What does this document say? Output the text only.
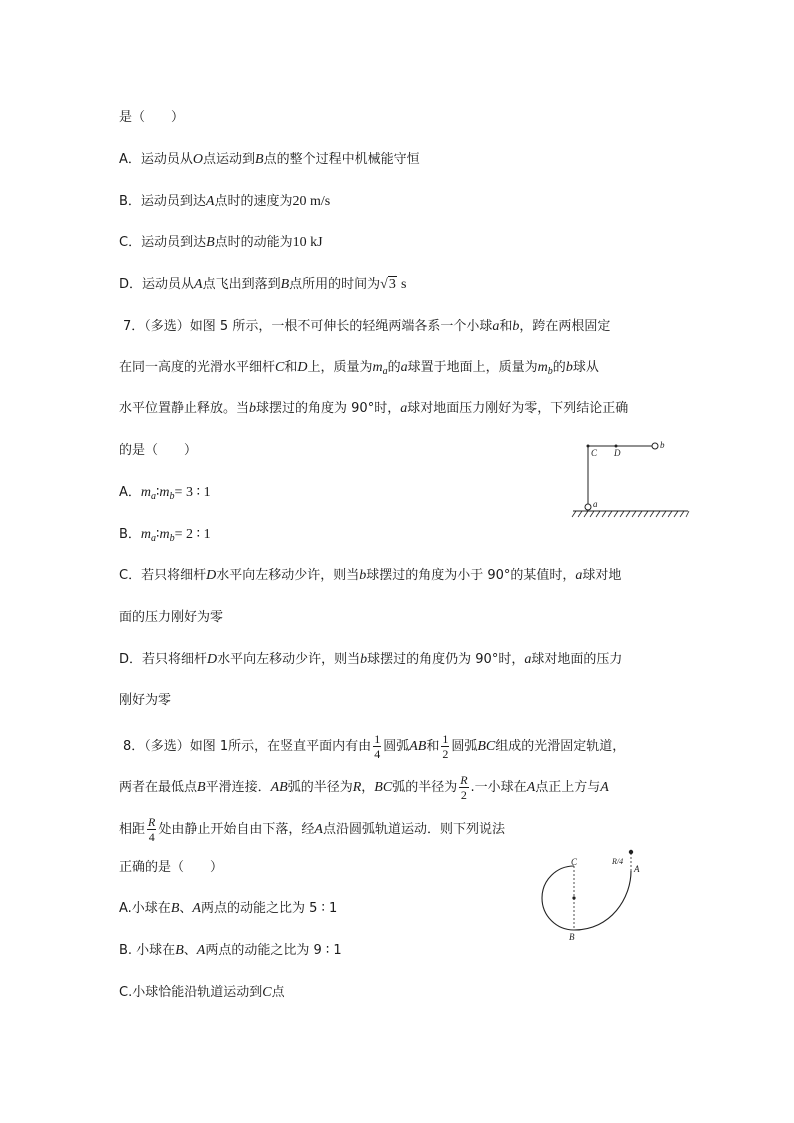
是（　　）
A．运动员从O点运动到B点的整个过程中机械能守恒
B．运动员到达A点时的速度为20 m/s
C．运动员到达B点时的动能为10 kJ
D．运动员从A点飞出到落到B点所用的时间为√3 s
7．（多选）如图 5 所示，一根不可伸长的轻绳两端各系一个小球a和b，跨在两根固定
在同一高度的光滑水平细杆C和D上，质量为$m_a$的a球置于地面上，质量为$m_b$的b球从
水平位置静止释放。当b球摆过的角度为 90°时，a球对地面压力刚好为零，下列结论正确
的是（　　）
A．$m_a∶m_b= 3$ ∶ 1
B．$m_a∶m_b= 2$ ∶ 1
C．若只将细杆D水平向左移动少许，则当b球摆过的角度为小于 90°的某值时，a球对地
面的压力刚好为零
D．若只将细杆D水平向左移动少许，则当b球摆过的角度仍为 90°时，a球对地面的压力
刚好为零
C D
b
a
8．（多选）如图 1所示，在竖直平面内有由 $\frac{1}{4}$ 圆弧AB和 $\frac{1}{2}$ 圆弧BC组成的光滑固定轨道，
两者在最低点B平滑连接．AB弧的半径为R，BC弧的半径为 $\frac{R}{2}$ .一小球在A点正上方与A
相距 $\frac{R}{4}$ 处由静止开始自由下落，经A点沿圆弧轨道运动．则下列说法
正确的是（　　）
A.小球在B、A两点的动能之比为 5 ∶ 1
B. 小球在B、A两点的动能之比为 9 ∶ 1
C.小球恰能沿轨道运动到C点
C	R/4
A
B
